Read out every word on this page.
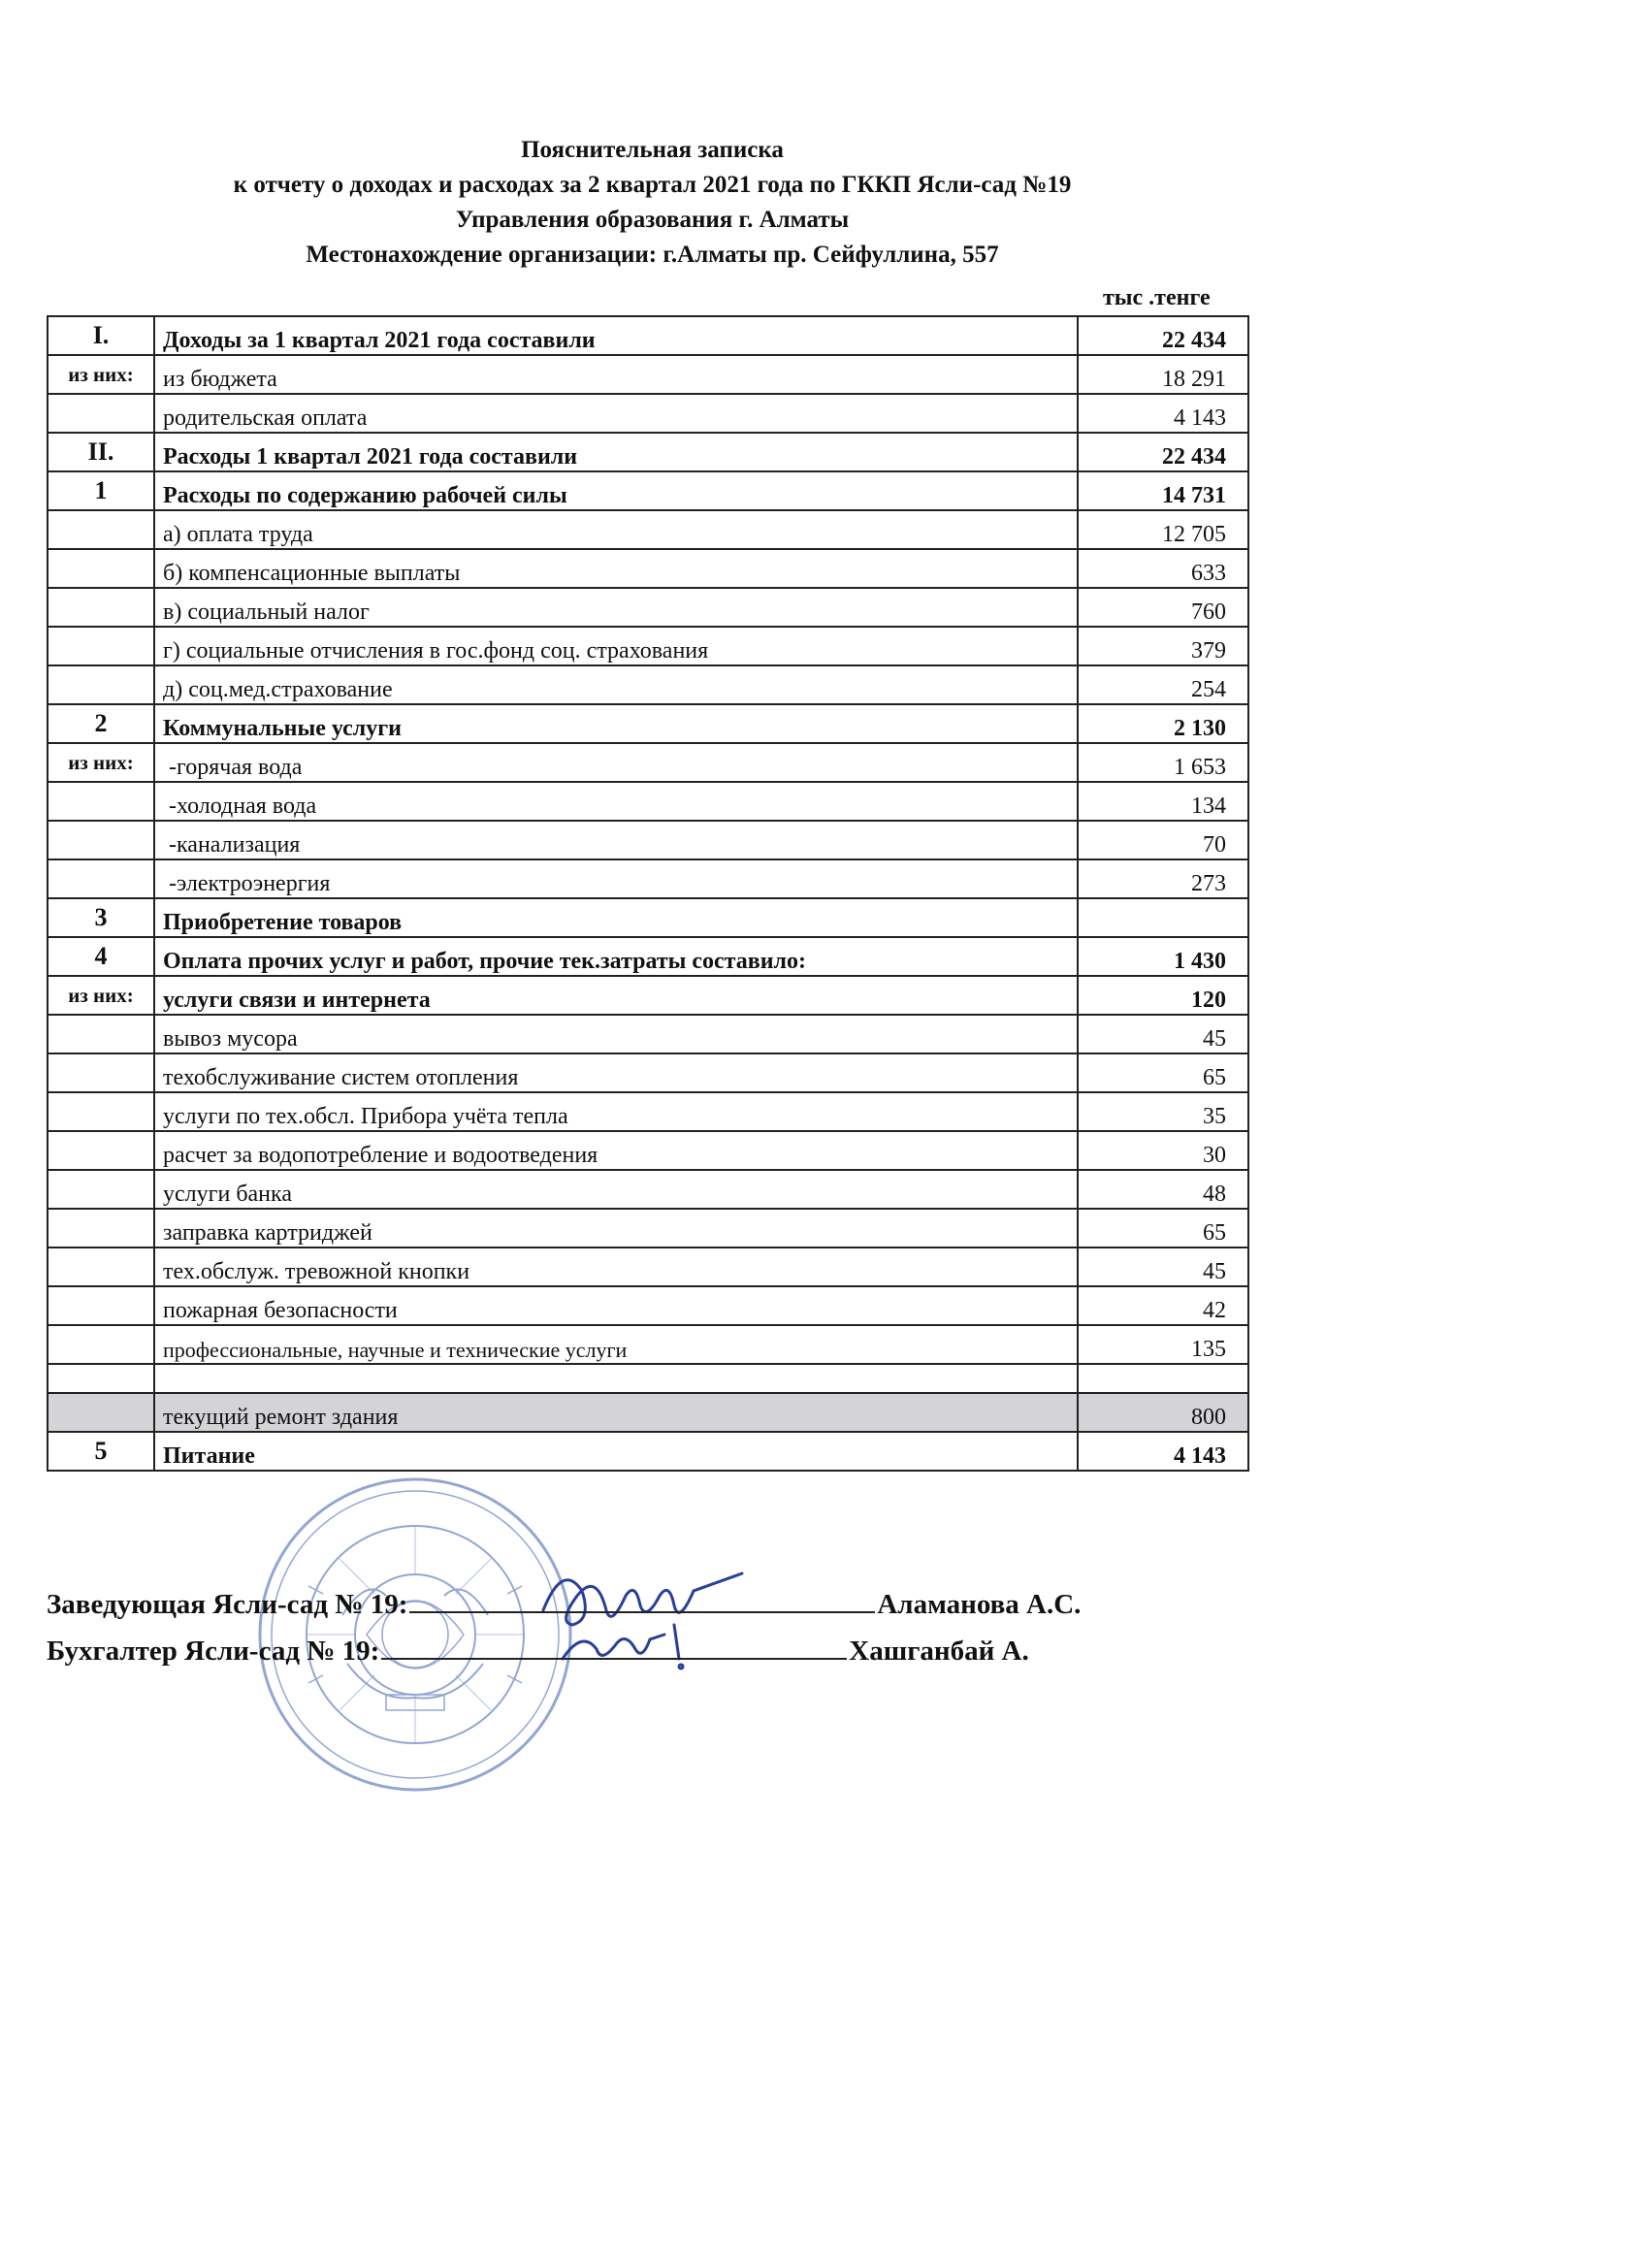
Пояснительная записка
к отчету о доходах и расходах за 2 квартал 2021 года по ГККП Ясли-сад №19
Управления образования г. Алматы
Местонахождение организации: г.Алматы пр. Сейфуллина, 557
тыс .тенге
I.	Доходы за 1 квартал 2021 года составили	22 434
из них:	из бюджета	18 291
	родительская оплата	4 143
II.	Расходы 1 квартал 2021 года составили	22 434
1	Расходы по содержанию рабочей силы	14 731
	а) оплата труда	12 705
	б) компенсационные выплаты	633
	в) социальный налог	760
	г) социальные отчисления в гос.фонд соц. страхования	379
	д) соц.мед.страхование	254
2	Коммунальные услуги	2 130
из них:	-горячая вода	1 653
	-холодная вода	134
	-канализация	70
	-электроэнергия	273
3	Приобретение товаров	
4	Оплата прочих услуг и работ, прочие тек.затраты составило:	1 430
из них:	услуги связи и интернета	120
	вывоз мусора	45
	техобслуживание систем отопления	65
	услуги по тех.обсл. Прибора учёта тепла	35
	расчет за водопотребление и водоотведения	30
	услуги банка	48
	заправка картриджей	65
	тех.обслуж. тревожной кнопки	45
	пожарная безопасности	42
	профессиональные, научные и технические услуги	135

	текущий ремонт здания	800
5	Питание	4 143
Заведующая Ясли-сад № 19:	Аламанова А.С.
Бухгалтер Ясли-сад № 19:	Хашганбай А.
